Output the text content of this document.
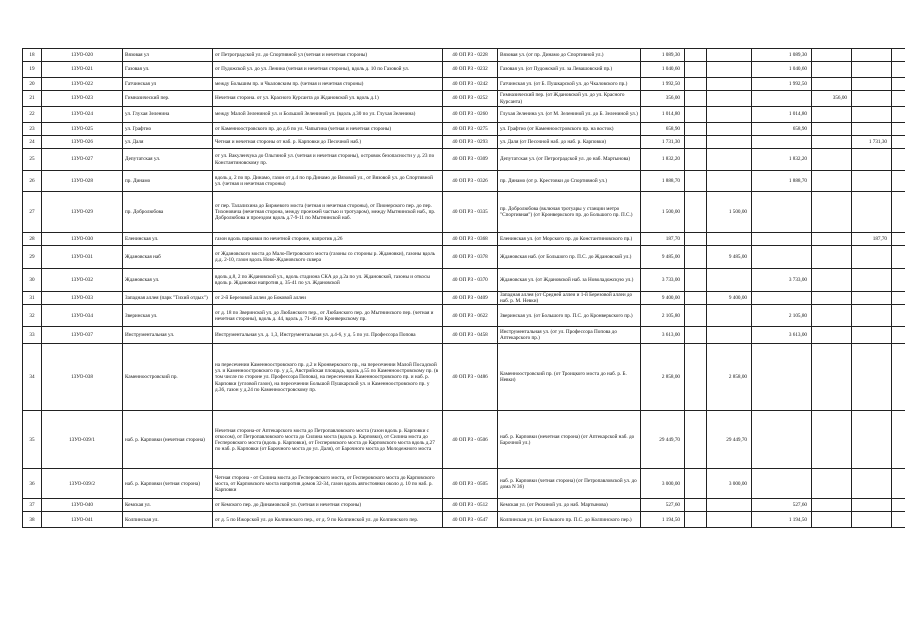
18	13УО-020	Вязовая ул	от Петроградской ул. до Спортивной ул (четная и нечетная стороны)	40 ОП РЗ - 0228	Вязовая ул. (от пр. Динамо до Спортивной ул.)	1 089,30			1 089,30				
19	13УО-021	Газовая ул.	от Пудожской ул. до ул. Ленина (четная и нечетная стороны), вдоль д. 10 по Газовой ул.	40 ОП РЗ - 0232	Газовая ул. (от Пудожской ул. за Левашовский пр.)	1 040,60			1 040,60				
20	13УО-022	Гатчинская ул	между Большим пр. и Чкаловским пр. (четная и нечетная стороны)	40 ОП РЗ - 0242	Гатчинская ул. (от Б. Пушкарской ул. до Чкаловского пр.)	1 992,50			1 992,50				
21	13УО-023	Гимназический пер.	Нечетная сторона. от ул. Красного Курсанта до Ждановской ул. вдоль д.1)	40 ОП РЗ - 0252	Гимназический пер. (от Ждановской ул. до ул. Красного Курсанта)	356,00				356,00			
22	13УО-024	ул. Глухая Зеленина	между Малой Зелениной ул. и Большой Зелениной ул. (вдоль д.30 по ул. Глухая Зеленина)	40 ОП РЗ - 0260	Глухая Зеленина ул. (от М. Зелениной ул. до Б. Зелениной ул.)	1 014,80			1 014,80				
23	13УО-025	ул. Графтио	от Каменноостровского пр. до д.6 по ул. Чапыгина (четная и нечетная стороны)	40 ОП РЗ - 0275	ул. Графтио (от Каменноостровского пр. на восток)	658,90			658,90				
24	13УО-026	ул. Даля	Четная и нечетная стороны от наб. р. Карповки до Песочной наб.)	40 ОП РЗ - 0293	ул. Даля (от Песочной наб. до наб. р. Карповки)	1 731,30					1 731,30		
25	13УО-027	Депутатская ул.	от ул. Вакуленчука до Ольгиной ул. (четная и нечетная стороны), островок безопасности у д. 23 по Константиновскому пр.	40 ОП РЗ - 0309	Депутатская ул. (от Петроградской ул. до наб. Мартынова)	1 832,20			1 832,20				
26	13УО-028	пр. Динамо	вдоль д. 2 по пр. Динамо, газон от д.4 по пр.Динамо до Вязовой ул., от Вязовой ул. до Спортивной ул. (четная и нечетная стороны)	40 ОП РЗ - 0326	пр. Динамо (от р. Крестовки до Спортивной ул.)	1 888,70			1 888,70				
27	13УО-029	пр. Добролюбова	от пер. Талалихина до Биржевого моста (четная и нечетная стороны), от Пионерского пер. до пер. Тихоновича (нечетная сторона, между проезжей частью и тротуаром), между Мытнинской наб., пр. Добролюбова и проездом вдоль д.7-9-11 по Мытнинской наб.	40 ОП РЗ - 0335	пр. Добролюбова (включая тротуары у станции метро "Спортивная") (от Кронверкского пр. до Большого пр. П.С.)	1 500,00		1 500,00					
28	13УО-030	Еленинская ул.	газон вдоль парковки по нечетной стороне, напротив д.26	40 ОП РЗ - 0368	Еленинская ул. (от Морского пр. до Константиновского пр.)	187,70					187,70		
29	13УО-031	Ждановская наб	от Ждановского моста до Мало-Петровского моста (газоны со стороны р. Ждановки), газоны вдоль д.д. 2-10, газон вдоль Ново-Ждановского сквера	40 ОП РЗ - 0378	Ждановская наб. (от Большого пр. П.С. до Ждановской ул.)	9 485,00		9 485,00					
30	13УО-032	Ждановская ул.	вдоль д.8, 2 по Ждановской ул., вдоль стадиона СКА до д.2а по ул. Ждановской, газоны и откосы вдоль р. Ждановки напротив д. 35-41 по ул. Ждановской	40 ОП РЗ - 0370	Ждановская ул. (от Ждановской наб. за Новоладожскую ул.)	3 733,00			3 733,00				
31	13УО-033	Западная аллея (парк "Тихий отдых")	от 2-й Березовой аллеи до Боковой аллеи	40 ОП РЗ - 0409	Западная аллея (от Средней аллеи и 1-й Березовой аллеи до наб. р. М. Невки)	9 400,00		9 400,00					
32	13УО-034	Зверинская ул.	от д. 18 по Зверинской ул. до Любанского пер., от Любанского пер. до Мытнинского пер. (четная и нечетная стороны), вдоль д. 44, вдоль д. 71-46 по Кронверкскому пр.	40 ОП РЗ - 0622	Зверинская ул. (от Большого пр. П.С. до Кронверкского пр.)	2 105,80			2 105,80				
33	13УО-037	Инструментальная ул.	Инструментальная ул. д. 1,3, Инструментальная ул. д.4-6, у д. 5 по ул. Профессора Попова	40 ОП РЗ - 0458	Инструментальная ул. (от ул. Профессора Попова до Аптекарского пр.)	3 613,00			3 613,00				
34	13УО-038	Каменноостровский пр.	на пересечении Каменноостровского пр. д.2 и Кронверкского пр., на пересечении Малой Посадской ул. и Каменноостровского пр. у д.5, Австрийская площадь, вдоль д.55 по Каменноостровскому пр. (в том числе по стороне ул. Профессора Попова), на пересечении Каменноостровского пр. и наб. р. Карповки (угловой газон), на пересечении Большой Пушкарской ул. и Каменноостровского пр. у д.36, газон у д.24 по Каменноостровскому пр.	40 ОП РЗ - 0486	Каменноостровский пр. (от Троицкого моста до наб. р. Б. Невки)	2 858,00		2 858,00					
35	13УО-039/1	наб. р. Карповки (нечетная сторона)	Нечетная сторона-от Аптекарского моста до Петропавловского моста (газон вдоль р. Карповки с откосом), от Петропавловского моста до Силина моста (вдоль р. Карповки), от Силина моста до Гесперовского моста (вдоль р. Карповки), от Гесперовского моста до Карповского моста вдоль д.27 по наб. р. Карповки (от Барочного моста до ул. Даля), от Барочного моста до Молодежного моста	40 ОП РЗ - 0506	наб. р. Карповки (нечетная сторона) (от Аптекарской наб. до Барочной ул.)	29 449,70		29 449,70					
36	13УО-039/2	наб. р. Карповки (четная сторона)	Четная сторона - от Силина моста до Гесперовского моста, от Гесперовского моста до Карповского моста, от Карповского моста напротив домов 32-34, газон вдоль автостоянки около д. 10 по наб. р. Карповки	40 ОП РЗ - 0505	наб. р. Карповки (четная сторона) (от Петропавловской ул. до дома N 36)	3 000,00		3 000,00					
37	13УО-040	Кемская ул.	от Кемского пер. до Динамовской ул. (четная и нечетная стороны)	40 ОП РЗ - 0512	Кемская ул. (от Рюхиной ул. до наб. Мартынова)	527,60			527,60				
38	13УО-041	Колпинская ул.	от д. 5 по Ижорской ул. до Колпинского пер., от д. 9 по Колпинской ул. до Колпинского пер.	40 ОП РЗ - 0547	Колпинская ул. (от Большого пр. П.С. до Колпинского пер.)	1 194,50			1 194,50				
